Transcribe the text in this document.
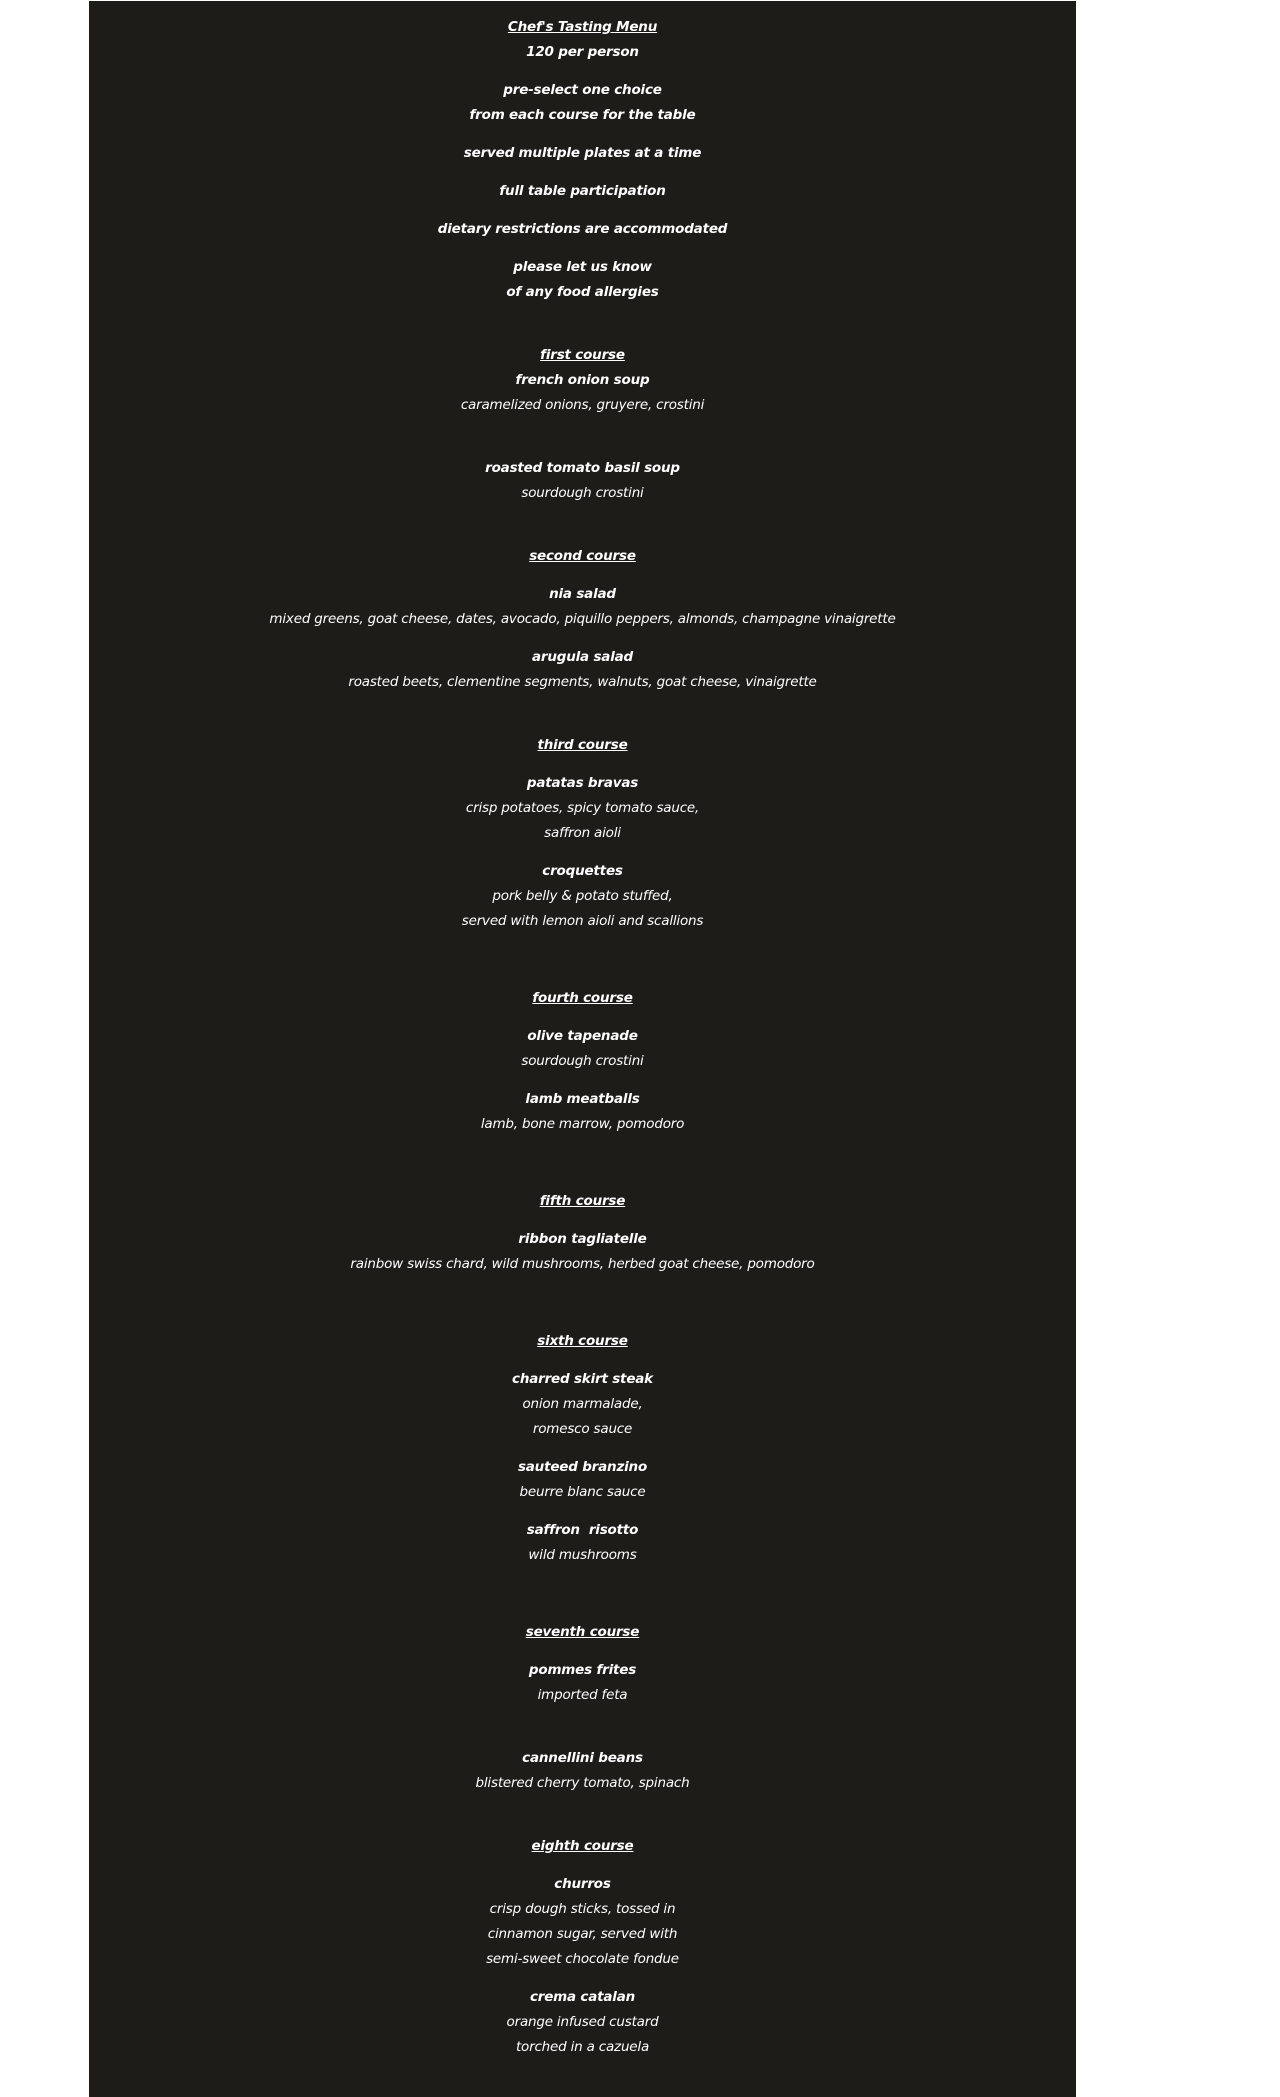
Chef's Tasting Menu
120 per person
pre-select one choice
from each course for the table
served multiple plates at a time
full table participation
dietary restrictions are accommodated
please let us know
of any food allergies
first course
french onion soup
caramelized onions, gruyere, crostini
roasted tomato basil soup
sourdough crostini
second course
nia salad
mixed greens, goat cheese, dates, avocado, piquillo peppers, almonds, champagne vinaigrette
arugula salad
roasted beets, clementine segments, walnuts, goat cheese, vinaigrette
third course
patatas bravas
crisp potatoes, spicy tomato sauce,
saffron aioli
croquettes
pork belly & potato stuffed,
served with lemon aioli and scallions
fourth course
olive tapenade
sourdough crostini
lamb meatballs
lamb, bone marrow, pomodoro
fifth course
ribbon tagliatelle
rainbow swiss chard, wild mushrooms, herbed goat cheese, pomodoro
sixth course
charred skirt steak
onion marmalade,
romesco sauce
sauteed branzino
beurre blanc sauce
saffron  risotto
wild mushrooms
seventh course
pommes frites
imported feta
cannellini beans
blistered cherry tomato, spinach
eighth course
churros
crisp dough sticks, tossed in
cinnamon sugar, served with
semi-sweet chocolate fondue
crema catalan
orange infused custard
torched in a cazuela
